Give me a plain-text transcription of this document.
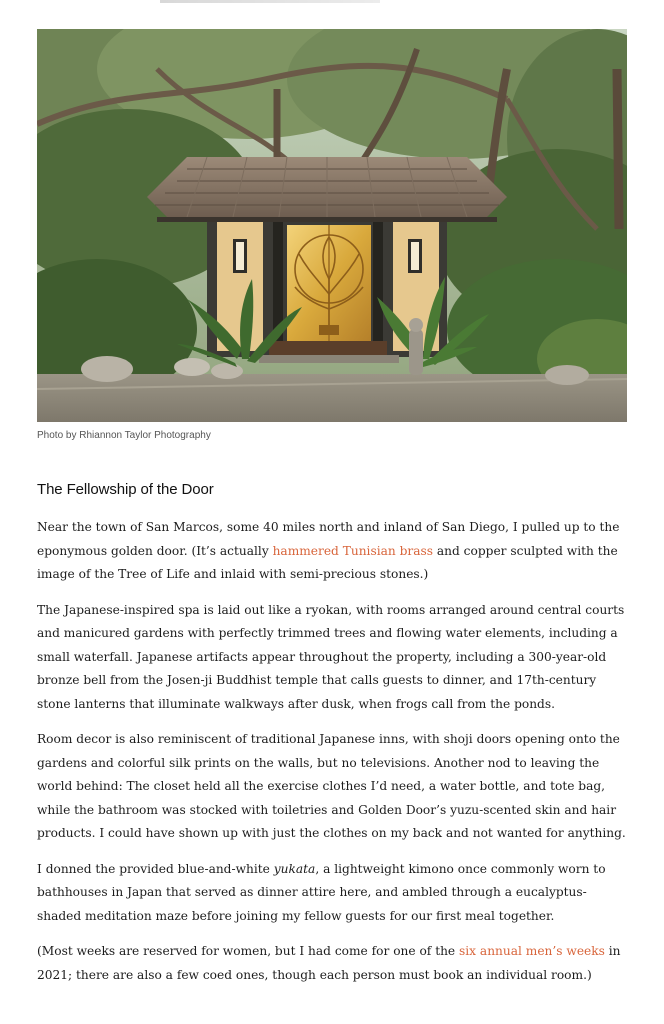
Photo by Rhiannon Taylor Photography

The Fellowship of the Door

Near the town of San Marcos, some 40 miles north and inland of San Diego, I pulled up to the eponymous golden door. (It’s actually hammered Tunisian brass and copper sculpted with the image of the Tree of Life and inlaid with semi-precious stones.)

The Japanese-inspired spa is laid out like a ryokan, with rooms arranged around central courts and manicured gardens with perfectly trimmed trees and flowing water elements, including a small waterfall. Japanese artifacts appear throughout the property, including a 300-year-old bronze bell from the Josen-ji Buddhist temple that calls guests to dinner, and 17th-century stone lanterns that illuminate walkways after dusk, when frogs call from the ponds.

Room decor is also reminiscent of traditional Japanese inns, with shoji doors opening onto the gardens and colorful silk prints on the walls, but no televisions. Another nod to leaving the world behind: The closet held all the exercise clothes I’d need, a water bottle, and tote bag, while the bathroom was stocked with toiletries and Golden Door’s yuzu-scented skin and hair products. I could have shown up with just the clothes on my back and not wanted for anything.

I donned the provided blue-and-white yukata, a lightweight kimono once commonly worn to bathhouses in Japan that served as dinner attire here, and ambled through a eucalyptus-shaded meditation maze before joining my fellow guests for our first meal together.

(Most weeks are reserved for women, but I had come for one of the six annual men’s weeks in 2021; there are also a few coed ones, though each person must book an individual room.)
